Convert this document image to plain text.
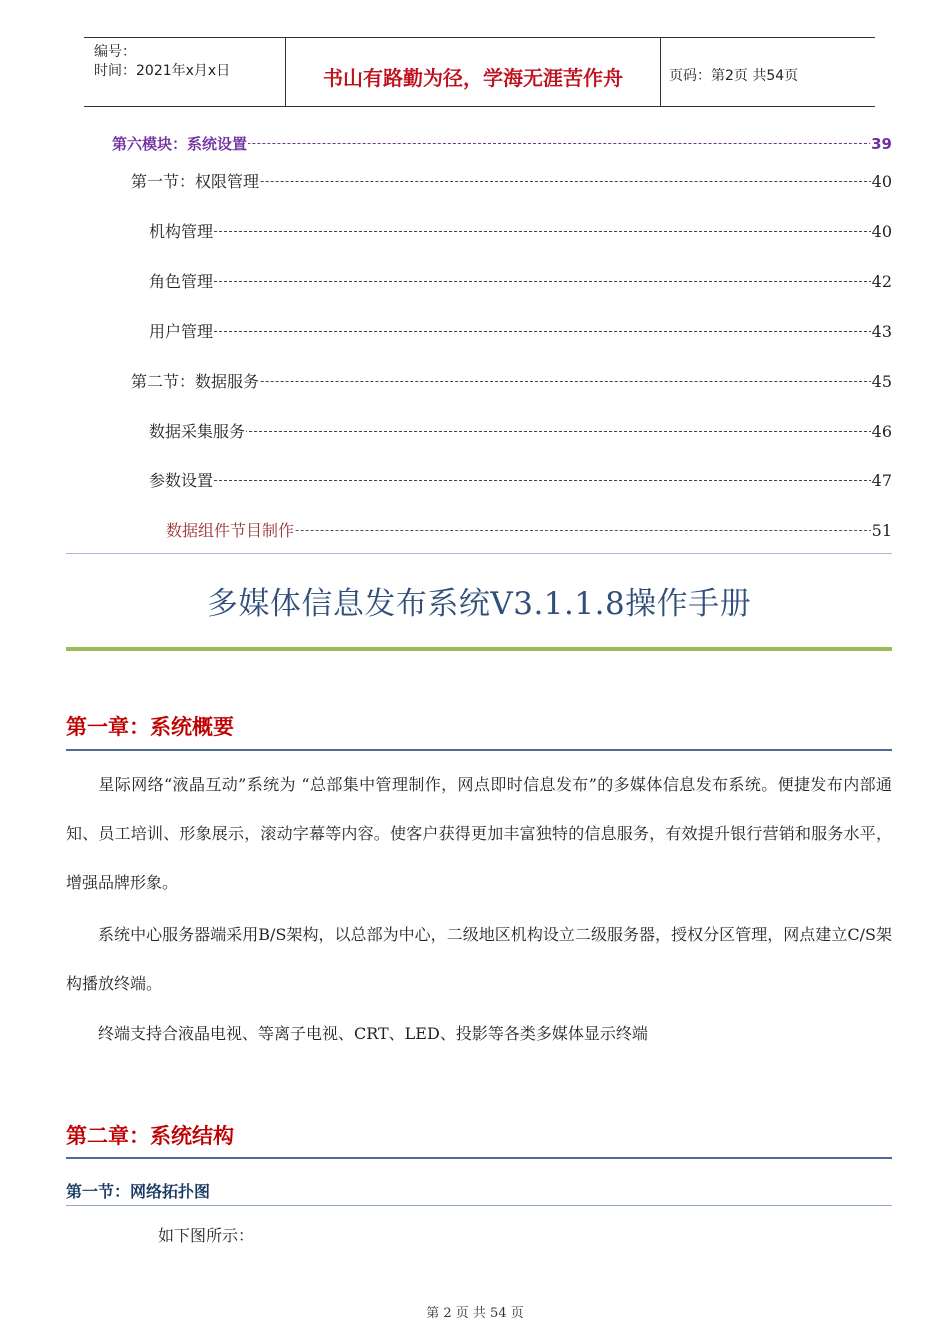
编号：
时间：2021年x月x日	书山有路勤为径，学海无涯苦作舟	页码：第2页 共54页
第六模块：系统设置	39
第一节：权限管理	40
机构管理	40
角色管理	42
用户管理	43
第二节：数据服务	45
数据采集服务	46
参数设置	47
数据组件节目制作	51
多媒体信息发布系统V3.1.1.8操作手册
第一章：系统概要
星际网络“液晶互动”系统为 “总部集中管理制作，网点即时信息发布”的多媒体信息发布系统。便捷发布内部通知、员工培训、形象展示，滚动字幕等内容。使客户获得更加丰富独特的信息服务，有效提升银行营销和服务水平，增强品牌形象。
系统中心服务器端采用B/S架构，以总部为中心，二级地区机构设立二级服务器，授权分区管理，网点建立C/S架构播放终端。
终端支持合液晶电视、等离子电视、CRT、LED、投影等各类多媒体显示终端
第二章：系统结构
第一节：网络拓扑图
如下图所示：
第 2 页 共 54 页
